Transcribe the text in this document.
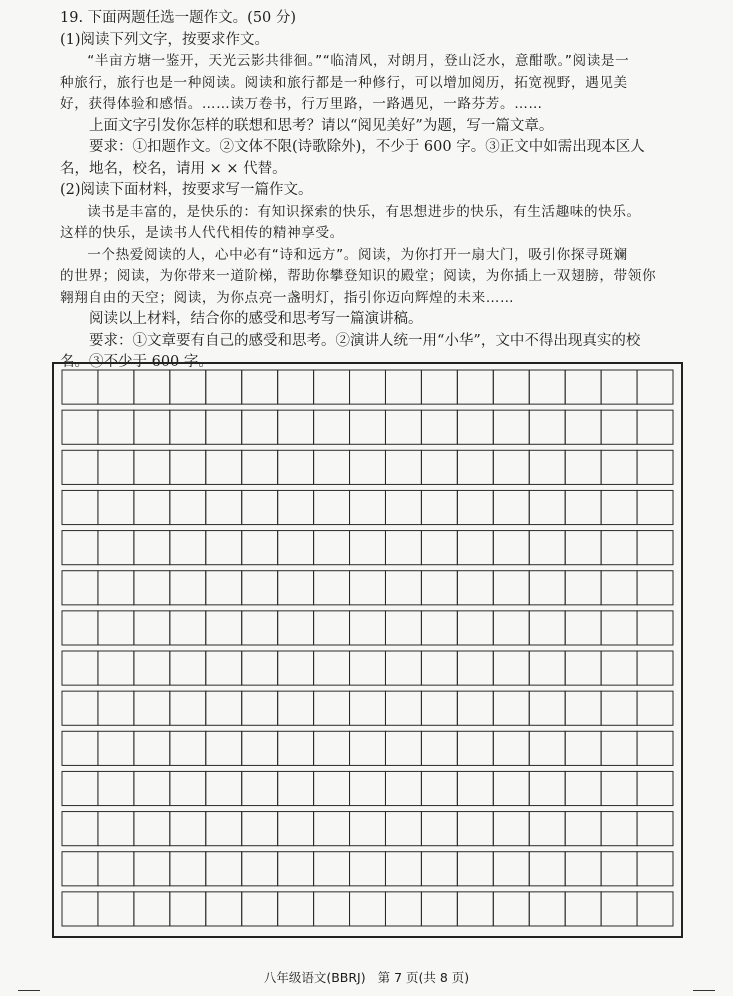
19. 下面两题任选一题作文。(50 分)

(1)阅读下列文字，按要求作文。

“半亩方塘一鉴开，天光云影共徘徊。”“临清风，对朗月，登山泛水，意酣歌。”阅读是一

种旅行，旅行也是一种阅读。阅读和旅行都是一种修行，可以增加阅历，拓宽视野，遇见美

好，获得体验和感悟。……读万卷书，行万里路，一路遇见，一路芬芳。……

上面文字引发你怎样的联想和思考？请以“阅见美好”为题，写一篇文章。

要求：①扣题作文。②文体不限(诗歌除外)，不少于 600 字。③正文中如需出现本区人

名，地名，校名，请用 × × 代替。

(2)阅读下面材料，按要求写一篇作文。

读书是丰富的，是快乐的：有知识探索的快乐，有思想进步的快乐，有生活趣味的快乐。

这样的快乐，是读书人代代相传的精神享受。

一个热爱阅读的人，心中必有“诗和远方”。阅读，为你打开一扇大门，吸引你探寻斑斓

的世界；阅读，为你带来一道阶梯，帮助你攀登知识的殿堂；阅读，为你插上一双翅膀，带领你

翱翔自由的天空；阅读，为你点亮一盏明灯，指引你迈向辉煌的未来……

阅读以上材料，结合你的感受和思考写一篇演讲稿。

要求：①文章要有自己的感受和思考。②演讲人统一用“小华”，文中不得出现真实的校

名。③不少于 600 字。

八年级语文(BBRJ) 第 7 页(共 8 页)
